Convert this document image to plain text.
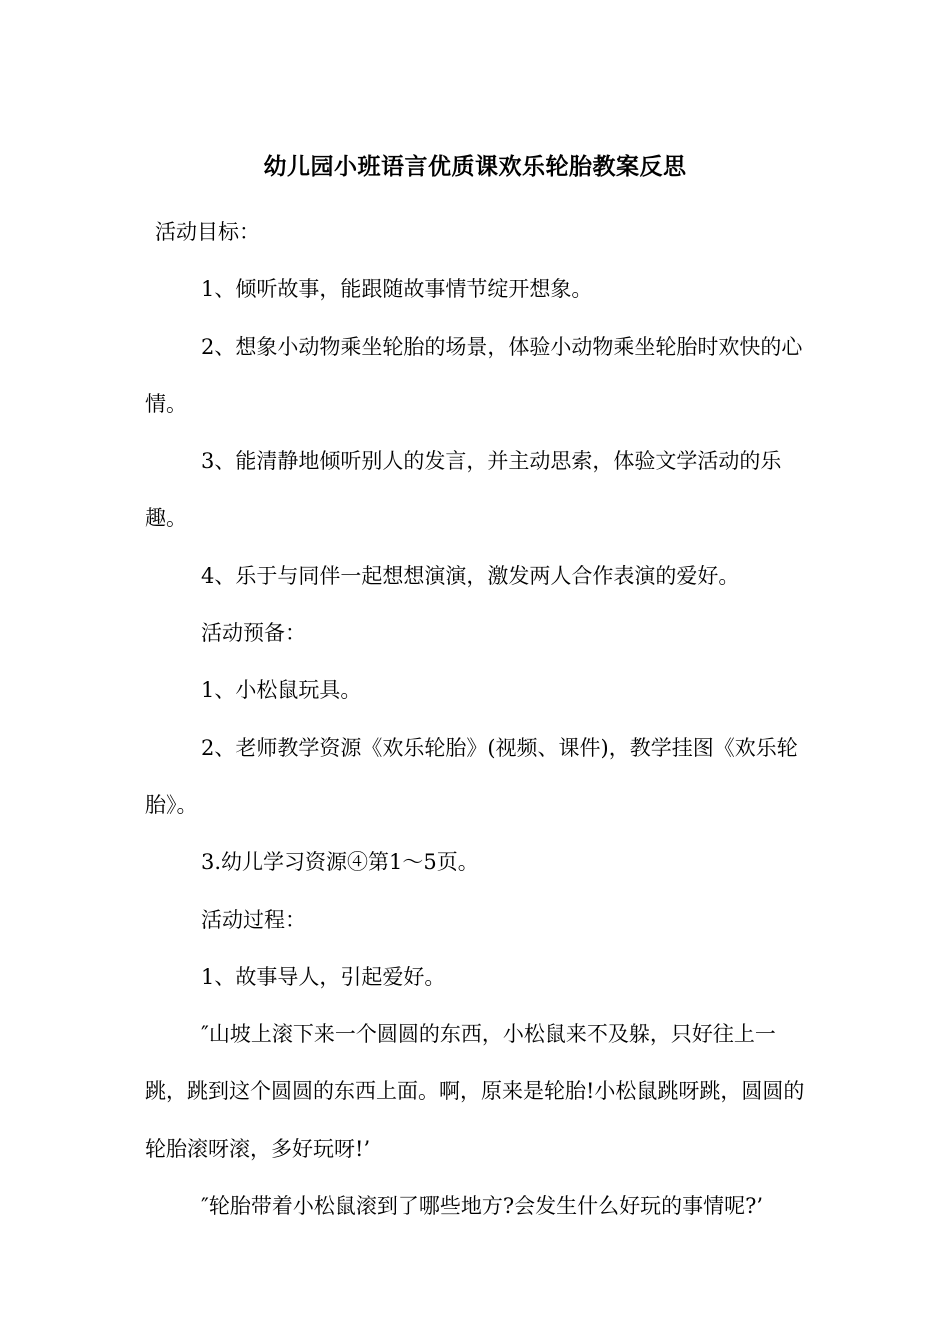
幼儿园小班语言优质课欢乐轮胎教案反思

活动目标：

1、倾听故事，能跟随故事情节绽开想象。

2、想象小动物乘坐轮胎的场景，体验小动物乘坐轮胎时欢快的心情。

3、能清静地倾听别人的发言，并主动思索，体验文学活动的乐趣。

4、乐于与同伴一起想想演演，激发两人合作表演的爱好。

活动预备：

1、小松鼠玩具。

2、老师教学资源《欢乐轮胎》(视频、课件)，教学挂图《欢乐轮胎》。

3.幼儿学习资源④第1～5页。

活动过程：

1、故事导人，引起爱好。

″山坡上滚下来一个圆圆的东西，小松鼠来不及躲，只好往上一跳，跳到这个圆圆的东西上面。啊，原来是轮胎!小松鼠跳呀跳，圆圆的轮胎滚呀滚，多好玩呀!’

″轮胎带着小松鼠滚到了哪些地方?会发生什么好玩的事情呢?’
